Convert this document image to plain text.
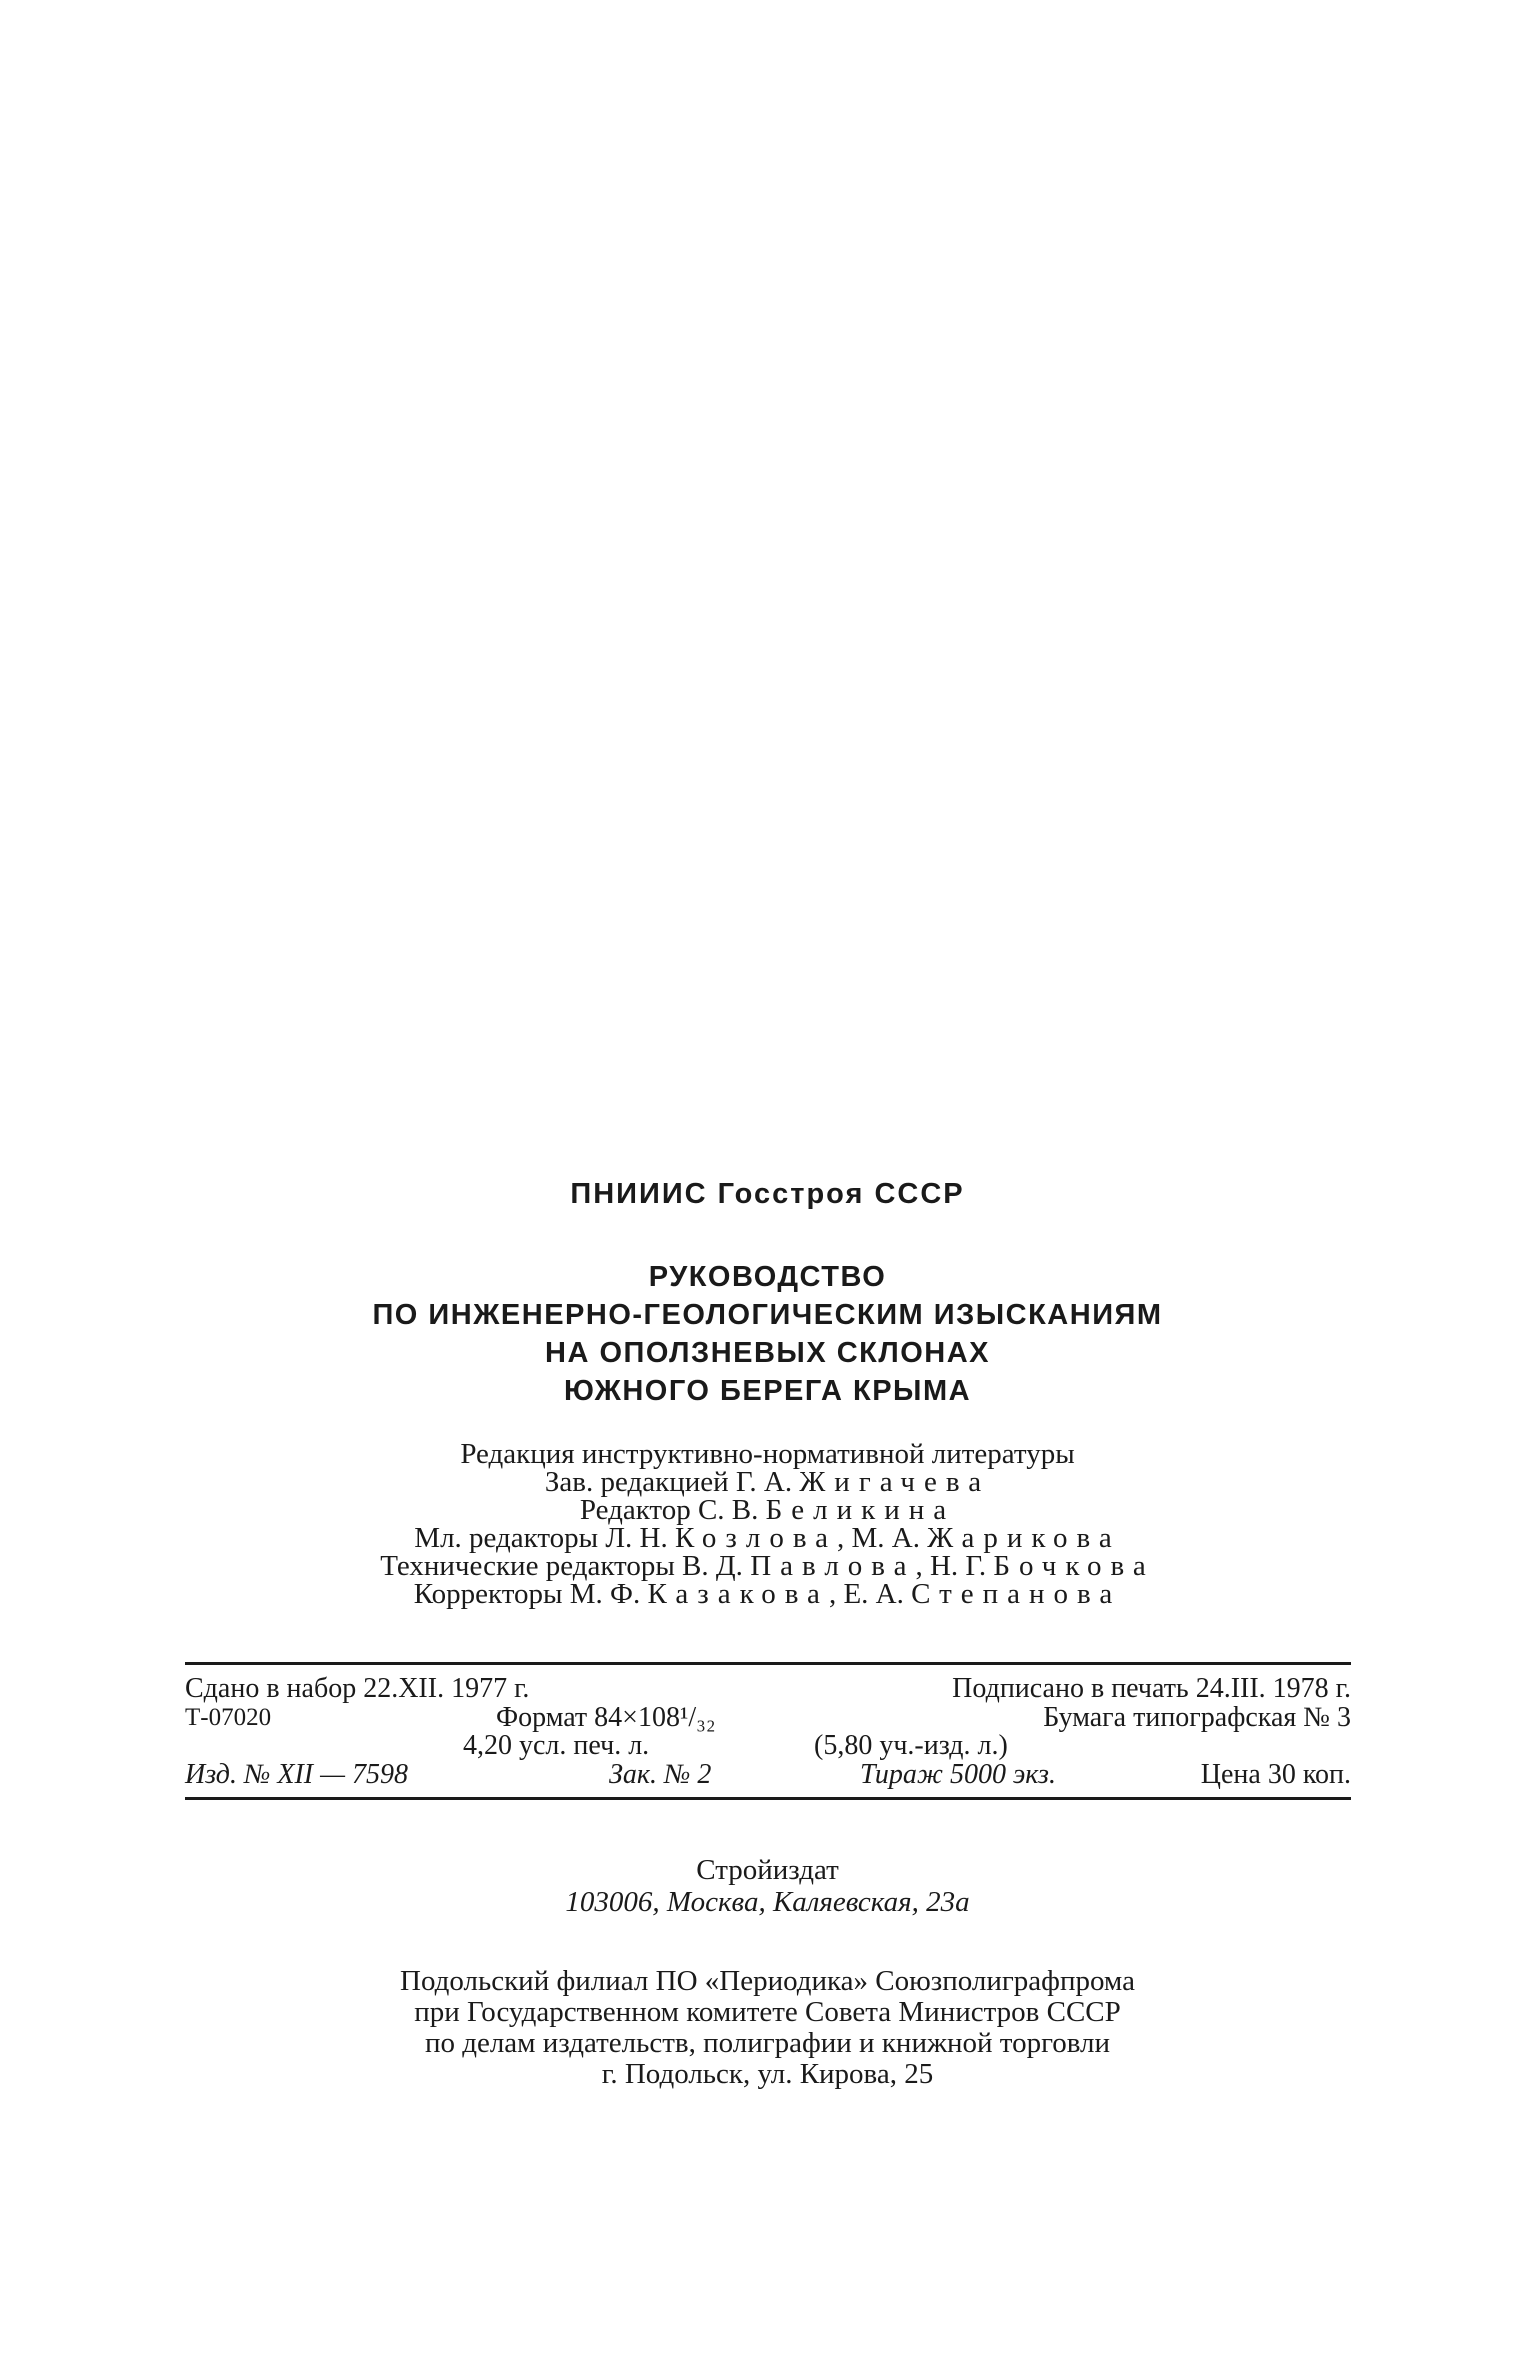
ПНИИИС Госстроя СССР
РУКОВОДСТВО
ПО ИНЖЕНЕРНО-ГЕОЛОГИЧЕСКИМ ИЗЫСКАНИЯМ
НА ОПОЛЗНЕВЫХ СКЛОНАХ
ЮЖНОГО БЕРЕГА КРЫМА
Редакция инструктивно-нормативной литературы
Зав. редакцией Г. А. Жигачева
Редактор С. В. Беликина
Мл. редакторы Л. Н. Козлова, М. А. Жарикова
Технические редакторы В. Д. Павлова, Н. Г. Бочкова
Корректоры М. Ф. Казакова, Е. А. Степанова
Сдано в набор 22.XII. 1977 г.	Подписано в печать 24.III. 1978 г.
Т-07020	Формат 84×108¹/₃₂	Бумага типографская № 3
4,20 усл. печ. л.	(5,80 уч.-изд. л.)
Изд. № XII — 7598	Зак. № 2	Тираж 5000 экз.	Цена 30 коп.
Стройиздат
103006, Москва, Каляевская, 23а
Подольский филиал ПО «Периодика» Союзполиграфпрома
при Государственном комитете Совета Министров СССР
по делам издательств, полиграфии и книжной торговли
г. Подольск, ул. Кирова, 25
